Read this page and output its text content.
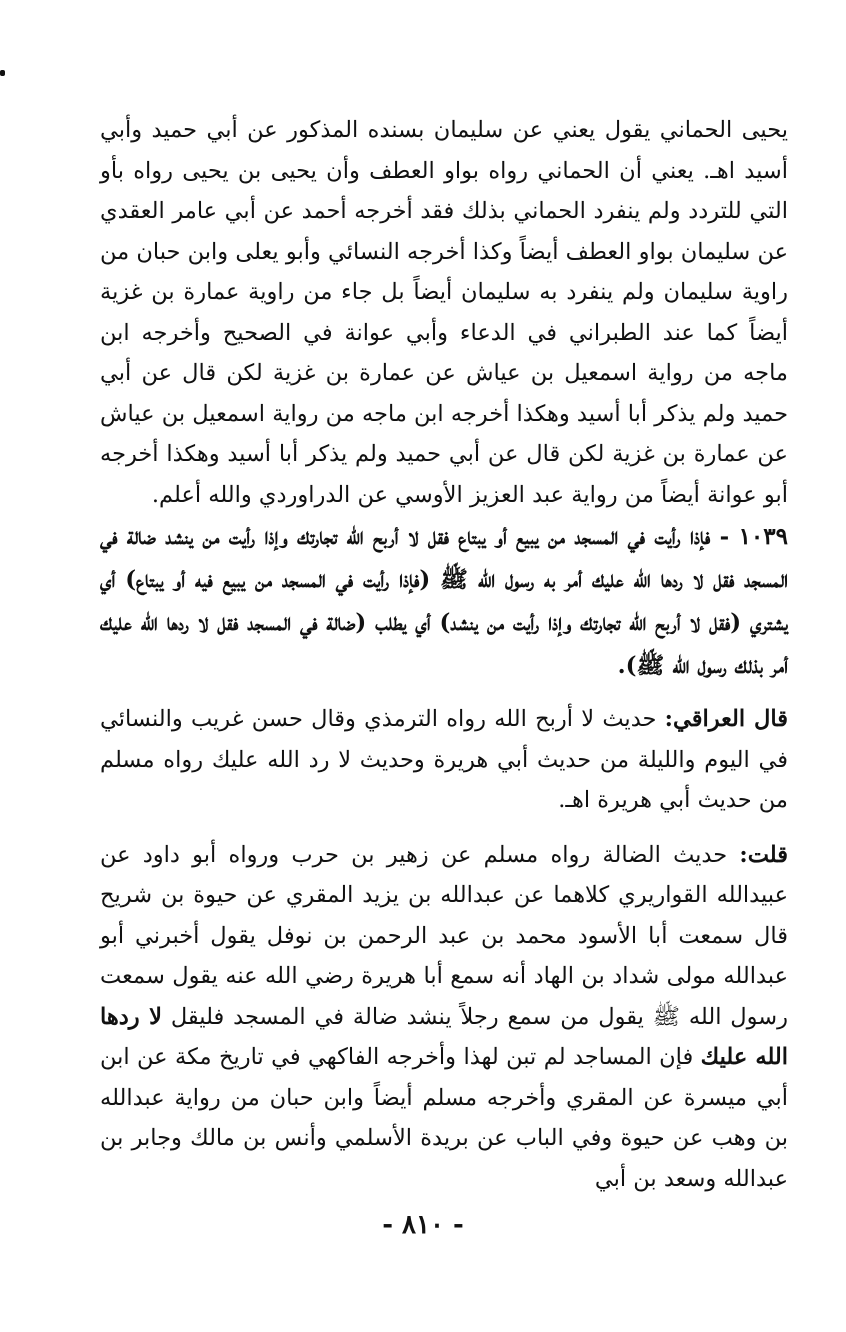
يحيى الحماني يقول يعني عن سليمان بسنده المذكور عن أبي حميد وأبي أسيد اهـ. يعني أن الحماني رواه بواو العطف وأن يحيى بن يحيى رواه بأو التي للتردد ولم ينفرد الحماني بذلك فقد أخرجه أحمد عن أبي عامر العقدي عن سليمان بواو العطف أيضاً وكذا أخرجه النسائي وأبو يعلى وابن حبان من راوية سليمان ولم ينفرد به سليمان أيضاً بل جاء من راوية عمارة بن غزية أيضاً كما عند الطبراني في الدعاء وأبي عوانة في الصحيح وأخرجه ابن ماجه من رواية اسمعيل بن عياش عن عمارة بن غزية لكن قال عن أبي حميد ولم يذكر أبا أسيد وهكذا أخرجه ابن ماجه من رواية اسمعيل بن عياش عن عمارة بن غزية لكن قال عن أبي حميد ولم يذكر أبا أسيد وهكذا أخرجه أبو عوانة أيضاً من رواية عبد العزيز الأوسي عن الدراوردي والله أعلم.

١٠٣٩ - فإذا رأيت في المسجد من يبيع أو يبتاع فقل لا أربح الله تجارتك وإذا رأيت من ينشد ضالة في المسجد فقل لا ردها الله عليك أمر به رسول الله ﷺ (فإذا رأيت في المسجد من يبيع فيه أو يبتاع) أي يشتري (فقل لا أربح الله تجارتك وإذا رأيت من ينشد) أي يطلب (ضالة في المسجد فقل لا ردها الله عليك أمر بذلك رسول الله ﷺ).

قال العراقي: حديث لا أربح الله رواه الترمذي وقال حسن غريب والنسائي في اليوم والليلة من حديث أبي هريرة وحديث لا رد الله عليك رواه مسلم من حديث أبي هريرة اهـ.

قلت: حديث الضالة رواه مسلم عن زهير بن حرب ورواه أبو داود عن عبيدالله القواريري كلاهما عن عبدالله بن يزيد المقري عن حيوة بن شريح قال سمعت أبا الأسود محمد بن عبد الرحمن بن نوفل يقول أخبرني أبو عبدالله مولى شداد بن الهاد أنه سمع أبا هريرة رضي الله عنه يقول سمعت رسول الله ﷺ يقول من سمع رجلاً ينشد ضالة في المسجد فليقل لا ردها الله عليك فإن المساجد لم تبن لهذا وأخرجه الفاكهي في تاريخ مكة عن ابن أبي ميسرة عن المقري وأخرجه مسلم أيضاً وابن حبان من رواية عبدالله بن وهب عن حيوة وفي الباب عن بريدة الأسلمي وأنس بن مالك وجابر بن عبدالله وسعد بن أبي

- ٨١٠ -
